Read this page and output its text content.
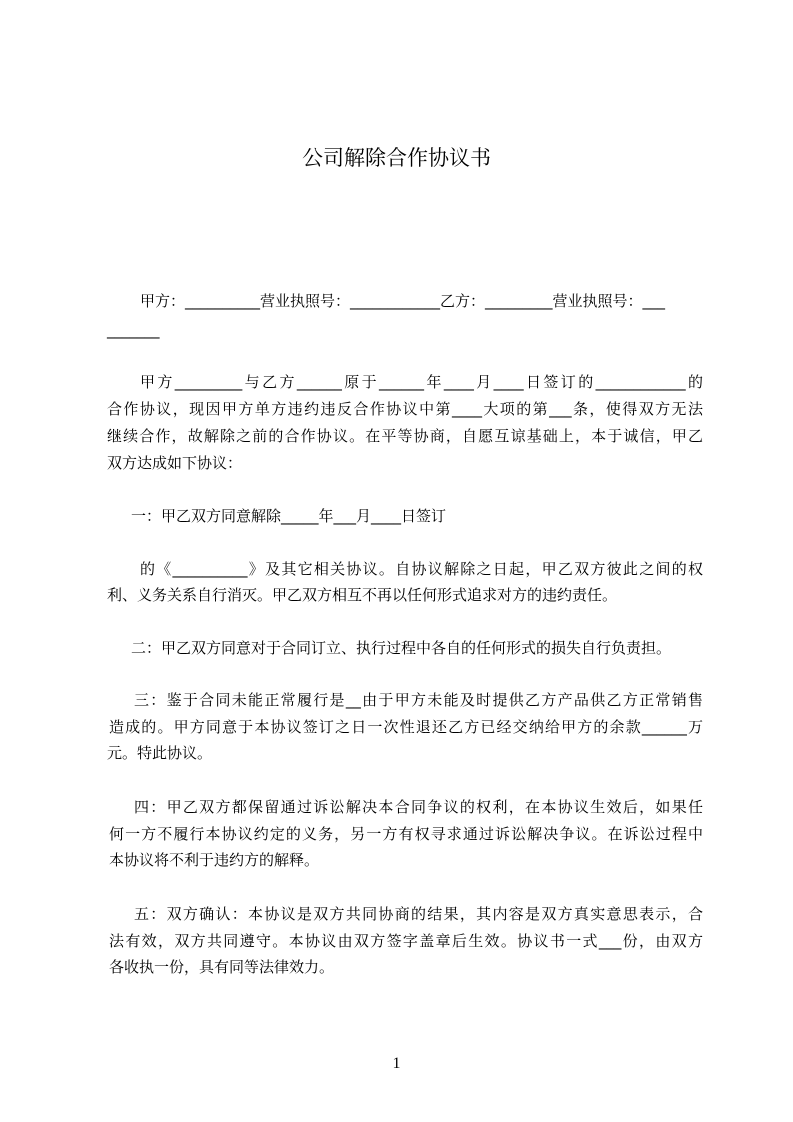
公司解除合作协议书
甲方：__________营业执照号：____________乙方：_________营业执照号：___
_______
甲方_________与乙方______原于______年____月____日签订的____________的
合作协议，现因甲方单方违约违反合作协议中第____大项的第___条，使得双方无法
继续合作，故解除之前的合作协议。在平等协商，自愿互谅基础上，本于诚信，甲乙
双方达成如下协议：
一：甲乙双方同意解除_____年___月____日签订
的《__________》及其它相关协议。自协议解除之日起，甲乙双方彼此之间的权
利、义务关系自行消灭。甲乙双方相互不再以任何形式追求对方的违约责任。
二：甲乙双方同意对于合同订立、执行过程中各自的任何形式的损失自行负责担。
三：鉴于合同未能正常履行是__由于甲方未能及时提供乙方产品供乙方正常销售
造成的。甲方同意于本协议签订之日一次性退还乙方已经交纳给甲方的余款______万
元。特此协议。
四：甲乙双方都保留通过诉讼解决本合同争议的权利，在本协议生效后，如果任
何一方不履行本协议约定的义务，另一方有权寻求通过诉讼解决争议。在诉讼过程中
本协议将不利于违约方的解释。
五：双方确认：本协议是双方共同协商的结果，其内容是双方真实意思表示，合
法有效，双方共同遵守。本协议由双方签字盖章后生效。协议书一式___份，由双方
各收执一份，具有同等法律效力。
1
